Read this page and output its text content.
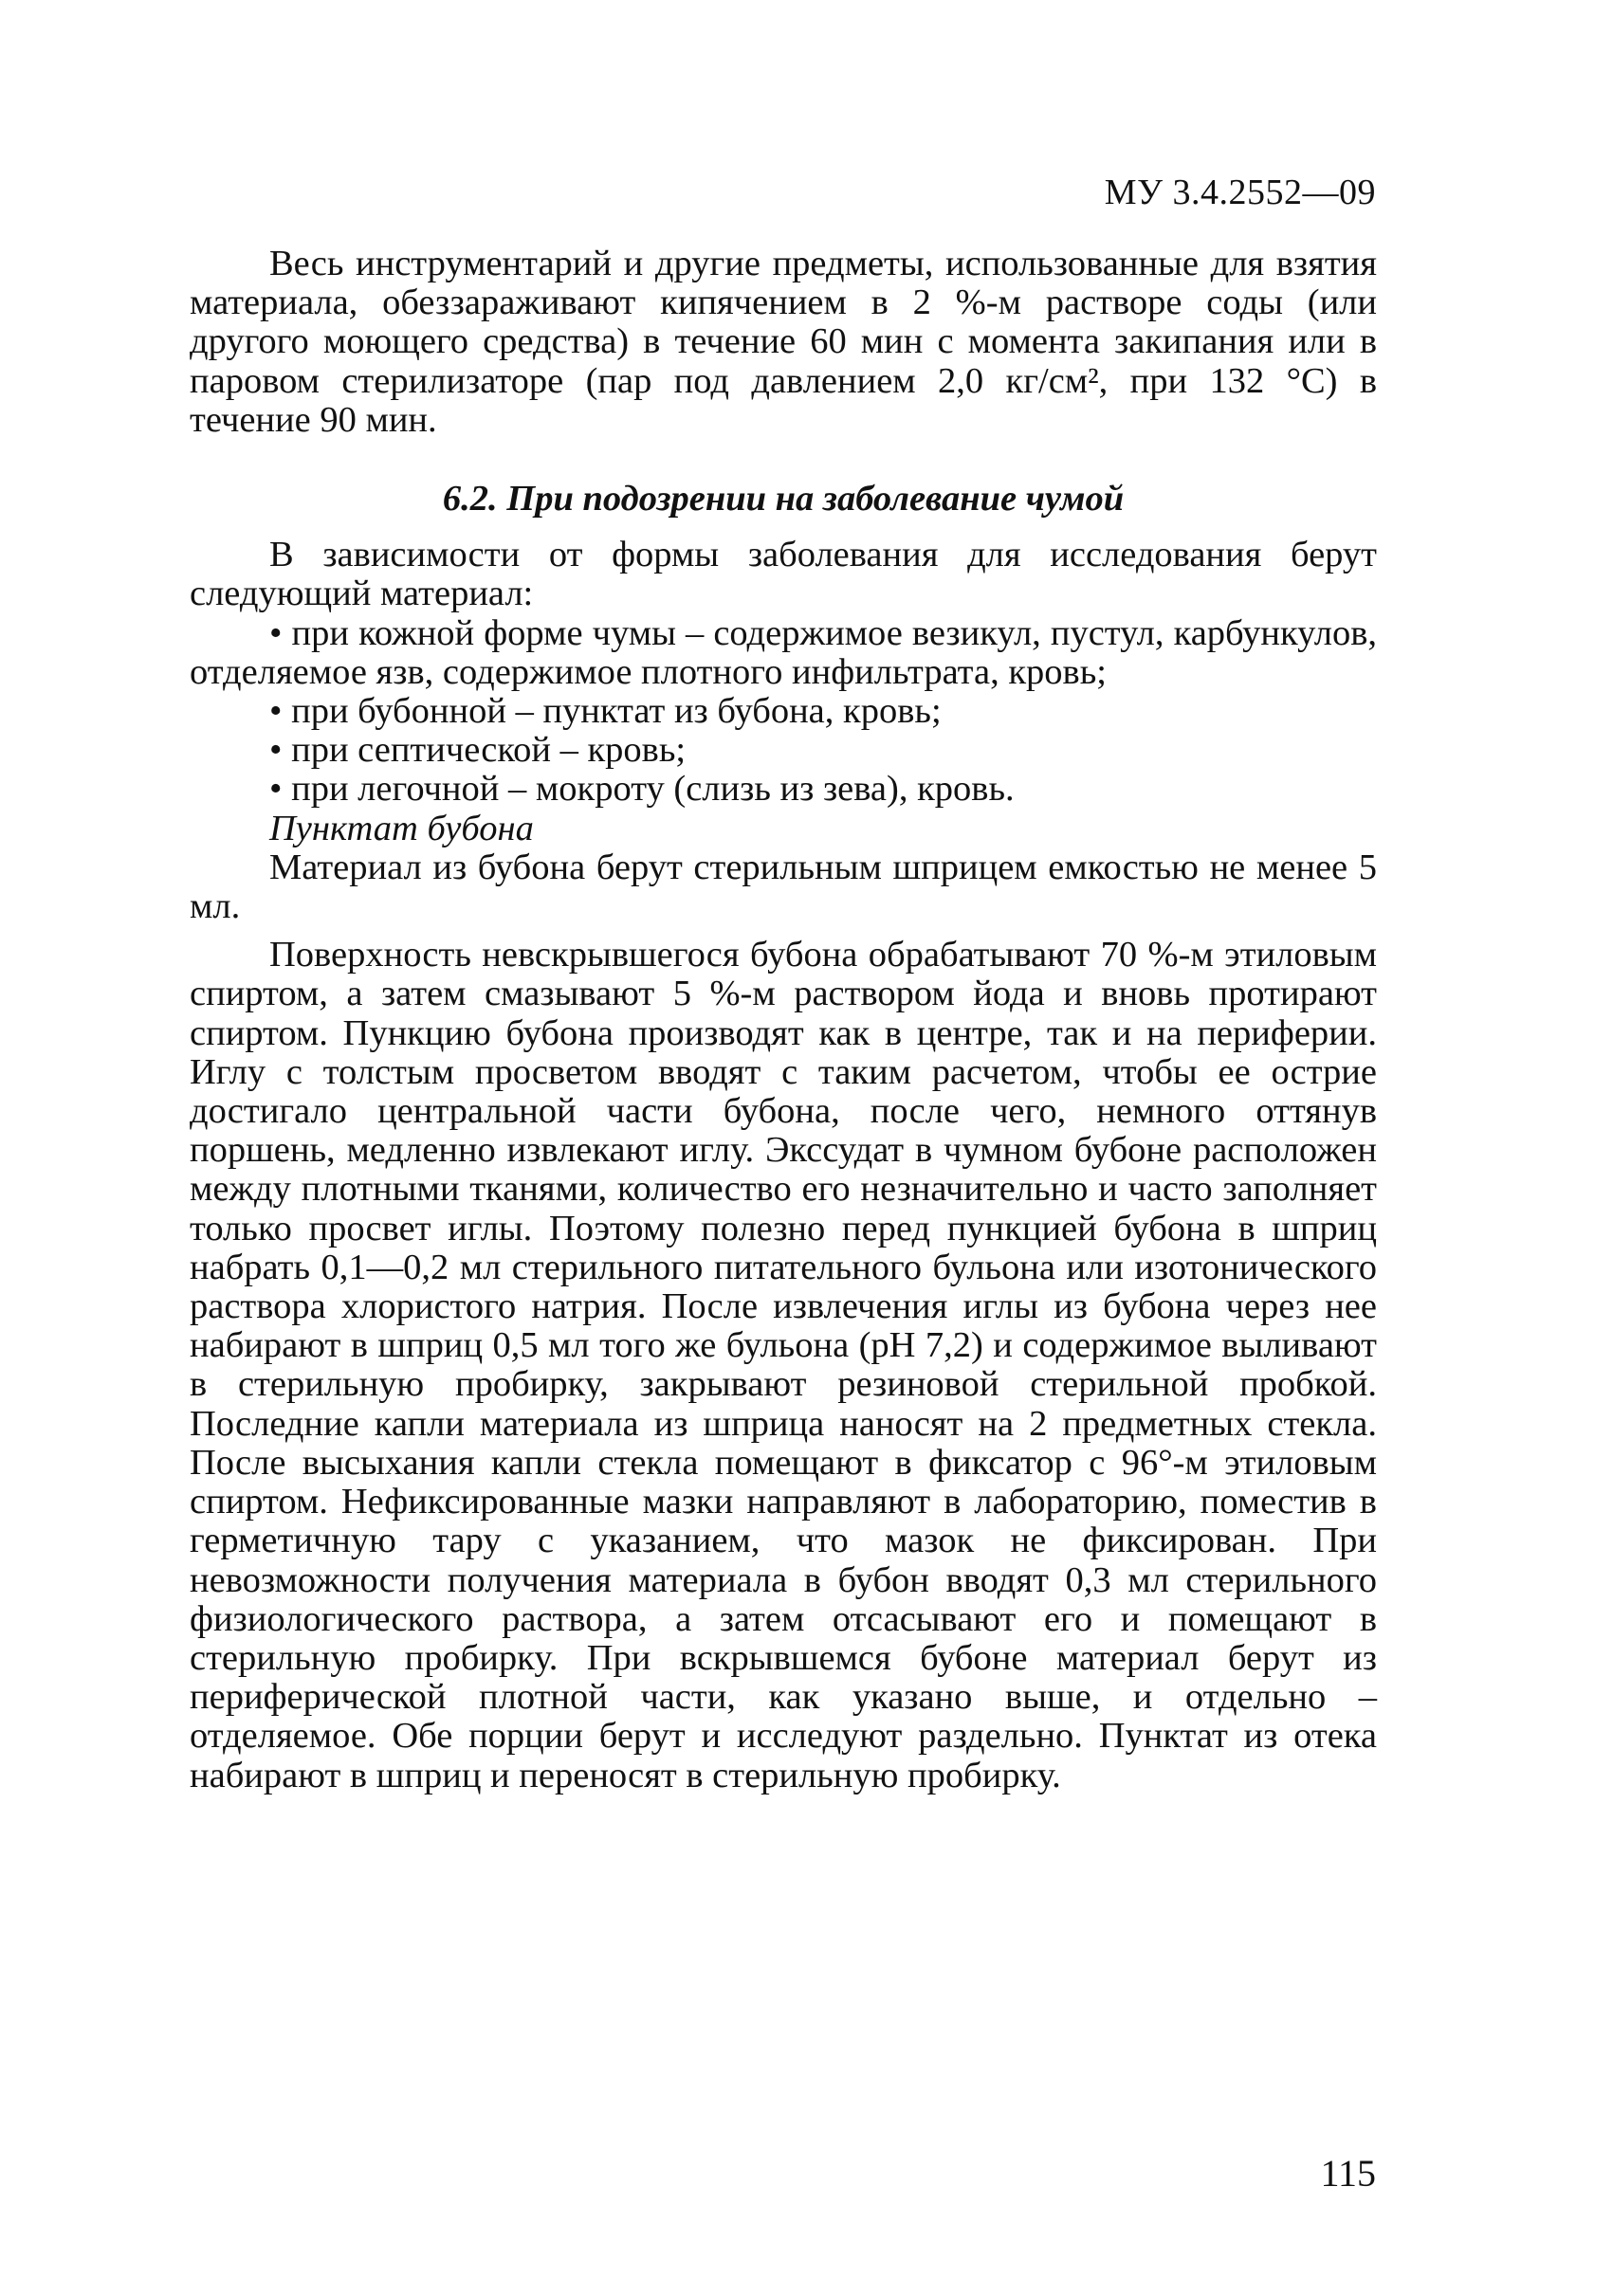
МУ 3.4.2552—09

Весь инструментарий и другие предметы, использованные для взятия материала, обеззараживают кипячением в 2 %-м растворе соды (или другого моющего средства) в течение 60 мин с момента закипания или в паровом стерилизаторе (пар под давлением 2,0 кг/см², при 132 °С) в течение 90 мин.

6.2. При подозрении на заболевание чумой

В зависимости от формы заболевания для исследования берут следующий материал:

• при кожной форме чумы – содержимое везикул, пустул, карбункулов, отделяемое язв, содержимое плотного инфильтрата, кровь;

• при бубонной – пунктат из бубона, кровь;

• при септической – кровь;

• при легочной – мокроту (слизь из зева), кровь.

Пунктат бубона

Материал из бубона берут стерильным шприцем емкостью не менее 5 мл.

Поверхность невскрывшегося бубона обрабатывают 70 %-м этиловым спиртом, а затем смазывают 5 %-м раствором йода и вновь протирают спиртом. Пункцию бубона производят как в центре, так и на периферии. Иглу с толстым просветом вводят с таким расчетом, чтобы ее острие достигало центральной части бубона, после чего, немного оттянув поршень, медленно извлекают иглу. Экссудат в чумном бубоне расположен между плотными тканями, количество его незначительно и часто заполняет только просвет иглы. Поэтому полезно перед пункцией бубона в шприц набрать 0,1—0,2 мл стерильного питательного бульона или изотонического раствора хлористого натрия. После извлечения иглы из бубона через нее набирают в шприц 0,5 мл того же бульона (рН 7,2) и содержимое выливают в стерильную пробирку, закрывают резиновой стерильной пробкой. Последние капли материала из шприца наносят на 2 предметных стекла. После высыхания капли стекла помещают в фиксатор с 96°-м этиловым спиртом. Нефиксированные мазки направляют в лабораторию, поместив в герметичную тару с указанием, что мазок не фиксирован. При невозможности получения материала в бубон вводят 0,3 мл стерильного физиологического раствора, а затем отсасывают его и помещают в стерильную пробирку. При вскрывшемся бубоне материал берут из периферической плотной части, как указано выше, и отдельно – отделяемое. Обе порции берут и исследуют раздельно. Пунктат из отека набирают в шприц и переносят в стерильную пробирку.

115
